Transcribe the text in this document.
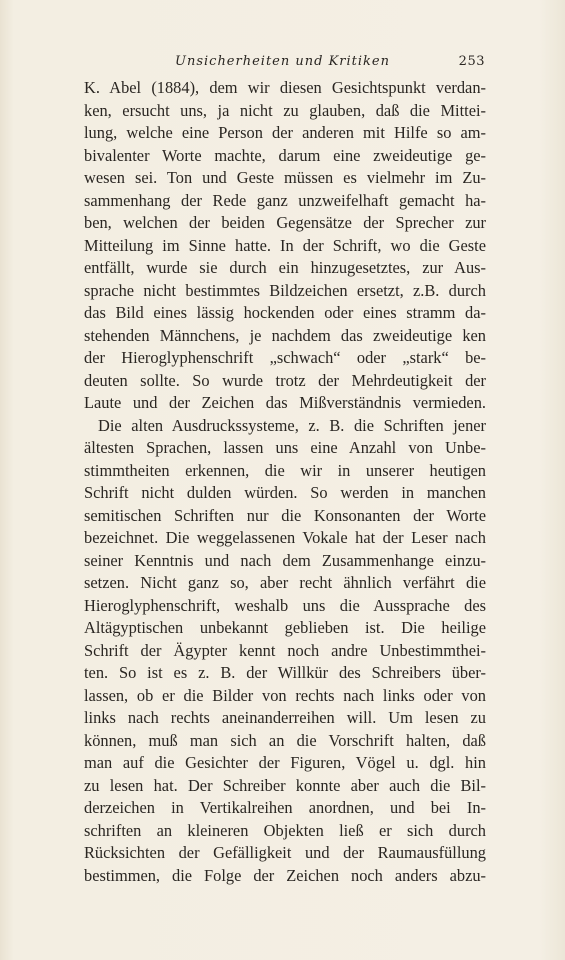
Unsicherheiten und Kritiken	253
K. Abel (1884), dem wir diesen Gesichtspunkt verdan-
ken, ersucht uns, ja nicht zu glauben, daß die Mittei-
lung, welche eine Person der anderen mit Hilfe so am-
bivalenter Worte machte, darum eine zweideutige ge-
wesen sei. Ton und Geste müssen es vielmehr im Zu-
sammenhang der Rede ganz unzweifelhaft gemacht ha-
ben, welchen der beiden Gegensätze der Sprecher zur
Mitteilung im Sinne hatte. In der Schrift, wo die Geste
entfällt, wurde sie durch ein hinzugesetztes, zur Aus-
sprache nicht bestimmtes Bildzeichen ersetzt, z.B. durch
das Bild eines lässig hockenden oder eines stramm da-
stehenden Männchens, je nachdem das zweideutige ken
der Hieroglyphenschrift „schwach“ oder „stark“ be-
deuten sollte. So wurde trotz der Mehrdeutigkeit der
Laute und der Zeichen das Mißverständnis vermieden.
Die alten Ausdruckssysteme, z. B. die Schriften jener
ältesten Sprachen, lassen uns eine Anzahl von Unbe-
stimmtheiten erkennen, die wir in unserer heutigen
Schrift nicht dulden würden. So werden in manchen
semitischen Schriften nur die Konsonanten der Worte
bezeichnet. Die weggelassenen Vokale hat der Leser nach
seiner Kenntnis und nach dem Zusammenhange einzu-
setzen. Nicht ganz so, aber recht ähnlich verfährt die
Hieroglyphenschrift, weshalb uns die Aussprache des
Altägyptischen unbekannt geblieben ist. Die heilige
Schrift der Ägypter kennt noch andre Unbestimmthei-
ten. So ist es z. B. der Willkür des Schreibers über-
lassen, ob er die Bilder von rechts nach links oder von
links nach rechts aneinanderreihen will. Um lesen zu
können, muß man sich an die Vorschrift halten, daß
man auf die Gesichter der Figuren, Vögel u. dgl. hin
zu lesen hat. Der Schreiber konnte aber auch die Bil-
derzeichen in Vertikalreihen anordnen, und bei In-
schriften an kleineren Objekten ließ er sich durch
Rücksichten der Gefälligkeit und der Raumausfüllung
bestimmen, die Folge der Zeichen noch anders abzu-
